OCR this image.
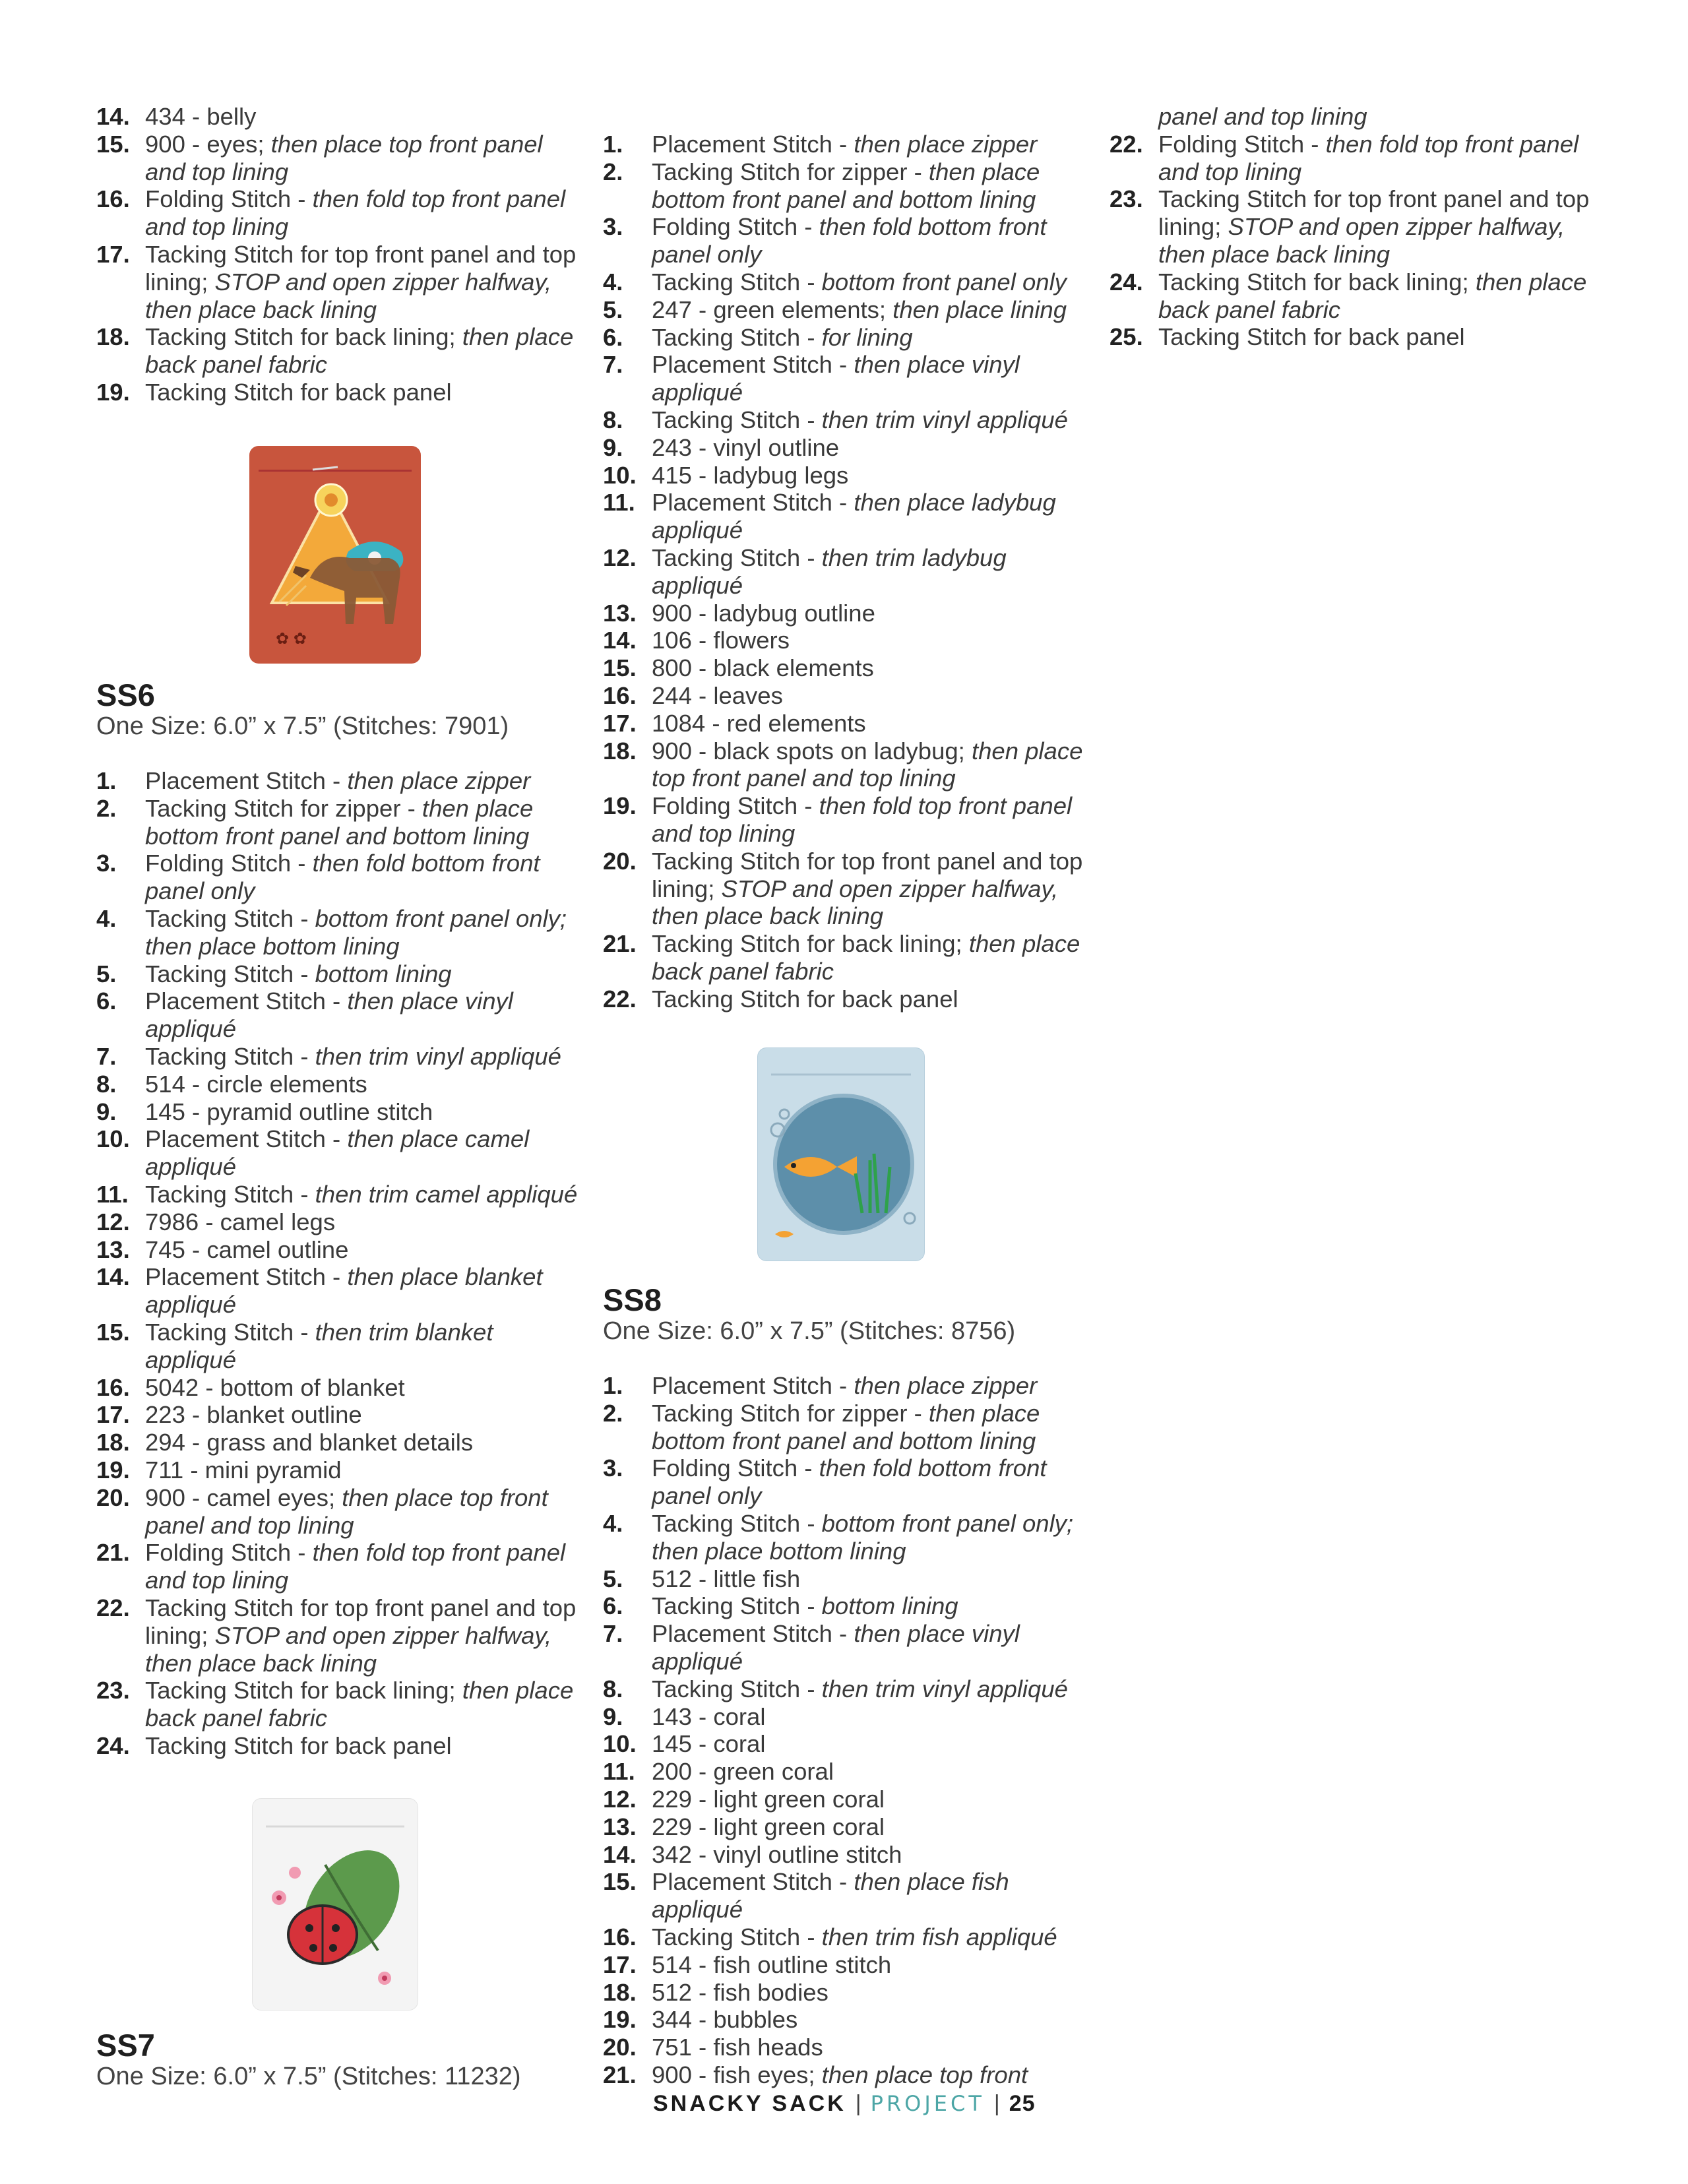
14. 434 - belly
15. 900 - eyes; then place top front panel and top lining
16. Folding Stitch - then fold top front panel and top lining
17. Tacking Stitch for top front panel and top lining; STOP and open zipper halfway, then place back lining
18. Tacking Stitch for back lining; then place back panel fabric
19. Tacking Stitch for back panel
✿ ✿
SS6
One Size: 6.0” x 7.5” (Stitches: 7901)
1. Placement Stitch - then place zipper
2. Tacking Stitch for zipper - then place bottom front panel and bottom lining
3. Folding Stitch - then fold bottom front panel only
4. Tacking Stitch - bottom front panel only; then place bottom lining
5. Tacking Stitch - bottom lining
6. Placement Stitch - then place vinyl appliqué
7. Tacking Stitch - then trim vinyl appliqué
8. 514 - circle elements
9. 145 - pyramid outline stitch
10. Placement Stitch - then place camel appliqué
11. Tacking Stitch - then trim camel appliqué
12. 7986 - camel legs
13. 745 - camel outline
14. Placement Stitch - then place blanket appliqué
15. Tacking Stitch - then trim blanket appliqué
16. 5042 - bottom of blanket
17. 223 - blanket outline
18. 294 - grass and blanket details
19. 711 - mini pyramid
20. 900 - camel eyes; then place top front panel and top lining
21. Folding Stitch - then fold top front panel and top lining
22. Tacking Stitch for top front panel and top lining; STOP and open zipper halfway, then place back lining
23. Tacking Stitch for back lining; then place back panel fabric
24. Tacking Stitch for back panel
SS7
One Size: 6.0” x 7.5” (Stitches: 11232)
1. Placement Stitch - then place zipper
2. Tacking Stitch for zipper - then place bottom front panel and bottom lining
3. Folding Stitch - then fold bottom front panel only
4. Tacking Stitch - bottom front panel only
5. 247 - green elements; then place lining
6. Tacking Stitch - for lining
7. Placement Stitch - then place vinyl appliqué
8. Tacking Stitch - then trim vinyl appliqué
9. 243 - vinyl outline
10. 415 - ladybug legs
11. Placement Stitch - then place ladybug appliqué
12. Tacking Stitch - then trim ladybug appliqué
13. 900 - ladybug outline
14. 106 - flowers
15. 800 - black elements
16. 244 - leaves
17. 1084 - red elements
18. 900 - black spots on ladybug; then place top front panel and top lining
19. Folding Stitch - then fold top front panel and top lining
20. Tacking Stitch for top front panel and top lining; STOP and open zipper halfway, then place back lining
21. Tacking Stitch for back lining; then place back panel fabric
22. Tacking Stitch for back panel
SS8
One Size: 6.0” x 7.5” (Stitches: 8756)
1. Placement Stitch - then place zipper
2. Tacking Stitch for zipper - then place bottom front panel and bottom lining
3. Folding Stitch - then fold bottom front panel only
4. Tacking Stitch - bottom front panel only; then place bottom lining
5. 512 - little fish
6. Tacking Stitch - bottom lining
7. Placement Stitch - then place vinyl appliqué
8. Tacking Stitch - then trim vinyl appliqué
9. 143 - coral
10. 145 - coral
11. 200 - green coral
12. 229 - light green coral
13. 229 - light green coral
14. 342 - vinyl outline stitch
15. Placement Stitch - then place fish appliqué
16. Tacking Stitch - then trim fish appliqué
17. 514 - fish outline stitch
18. 512 - fish bodies
19. 344 - bubbles
20. 751 - fish heads
21. 900 - fish eyes; then place top front
panel and top lining
22. Folding Stitch - then fold top front panel and top lining
23. Tacking Stitch for top front panel and top lining; STOP and open zipper halfway, then place back lining
24. Tacking Stitch for back lining; then place back panel fabric
25. Tacking Stitch for back panel
SNACKY SACK | PROJECT | 25
